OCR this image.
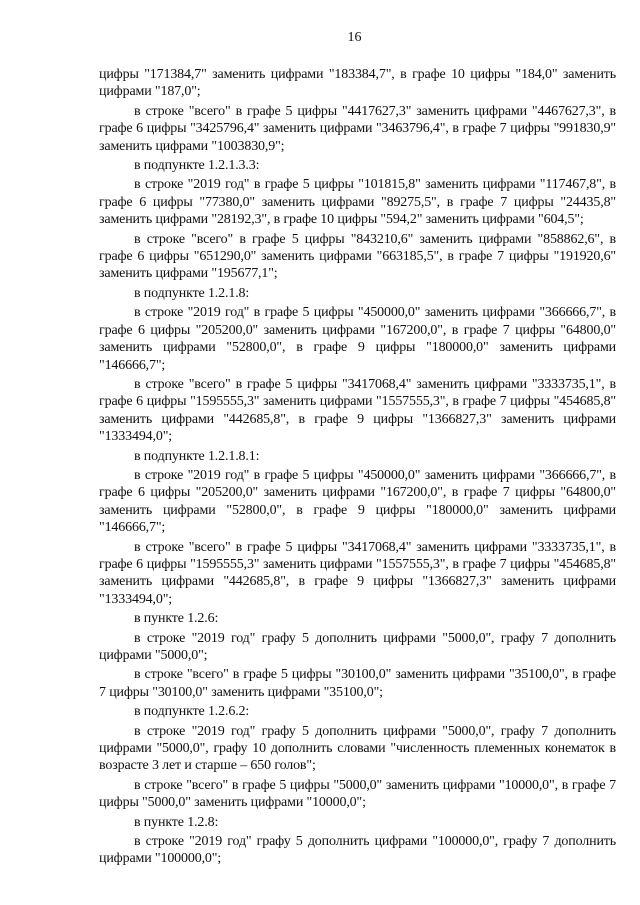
16

цифры "171384,7" заменить цифрами "183384,7", в графе 10 цифры "184,0" заменить цифрами "187,0";

в строке "всего" в графе 5 цифры "4417627,3" заменить цифрами "4467627,3", в графе 6 цифры "3425796,4" заменить цифрами "3463796,4", в графе 7 цифры "991830,9" заменить цифрами "1003830,9";

в подпункте 1.2.1.3.3:

в строке "2019 год" в графе 5 цифры "101815,8" заменить цифрами "117467,8", в графе 6 цифры "77380,0" заменить цифрами "89275,5", в графе 7 цифры "24435,8" заменить цифрами "28192,3", в графе 10 цифры "594,2" заменить цифрами "604,5";

в строке "всего" в графе 5 цифры "843210,6" заменить цифрами "858862,6", в графе 6 цифры "651290,0" заменить цифрами "663185,5", в графе 7 цифры "191920,6" заменить цифрами "195677,1";

в подпункте 1.2.1.8:

в строке "2019 год" в графе 5 цифры "450000,0" заменить цифрами "366666,7", в графе 6 цифры "205200,0" заменить цифрами "167200,0", в графе 7 цифры "64800,0" заменить цифрами "52800,0", в графе 9 цифры "180000,0" заменить цифрами "146666,7";

в строке "всего" в графе 5 цифры "3417068,4" заменить цифрами "3333735,1", в графе 6 цифры "1595555,3" заменить цифрами "1557555,3", в графе 7 цифры "454685,8" заменить цифрами "442685,8", в графе 9 цифры "1366827,3" заменить цифрами "1333494,0";

в подпункте 1.2.1.8.1:

в строке "2019 год" в графе 5 цифры "450000,0" заменить цифрами "366666,7", в графе 6 цифры "205200,0" заменить цифрами "167200,0", в графе 7 цифры "64800,0" заменить цифрами "52800,0", в графе 9 цифры "180000,0" заменить цифрами "146666,7";

в строке "всего" в графе 5 цифры "3417068,4" заменить цифрами "3333735,1", в графе 6 цифры "1595555,3" заменить цифрами "1557555,3", в графе 7 цифры "454685,8" заменить цифрами "442685,8", в графе 9 цифры "1366827,3" заменить цифрами "1333494,0";

в пункте 1.2.6:

в строке "2019 год" графу 5 дополнить цифрами "5000,0", графу 7 дополнить цифрами "5000,0";

в строке "всего" в графе 5 цифры "30100,0" заменить цифрами "35100,0", в графе 7 цифры "30100,0" заменить цифрами "35100,0";

в подпункте 1.2.6.2:

в строке "2019 год" графу 5 дополнить цифрами "5000,0", графу 7 дополнить цифрами "5000,0", графу 10 дополнить словами "численность племенных конематок в возрасте 3 лет и старше – 650 голов";

в строке "всего" в графе 5 цифры "5000,0" заменить цифрами "10000,0", в графе 7 цифры "5000,0" заменить цифрами "10000,0";

в пункте 1.2.8:

в строке "2019 год" графу 5 дополнить цифрами "100000,0", графу 7 дополнить цифрами "100000,0";
